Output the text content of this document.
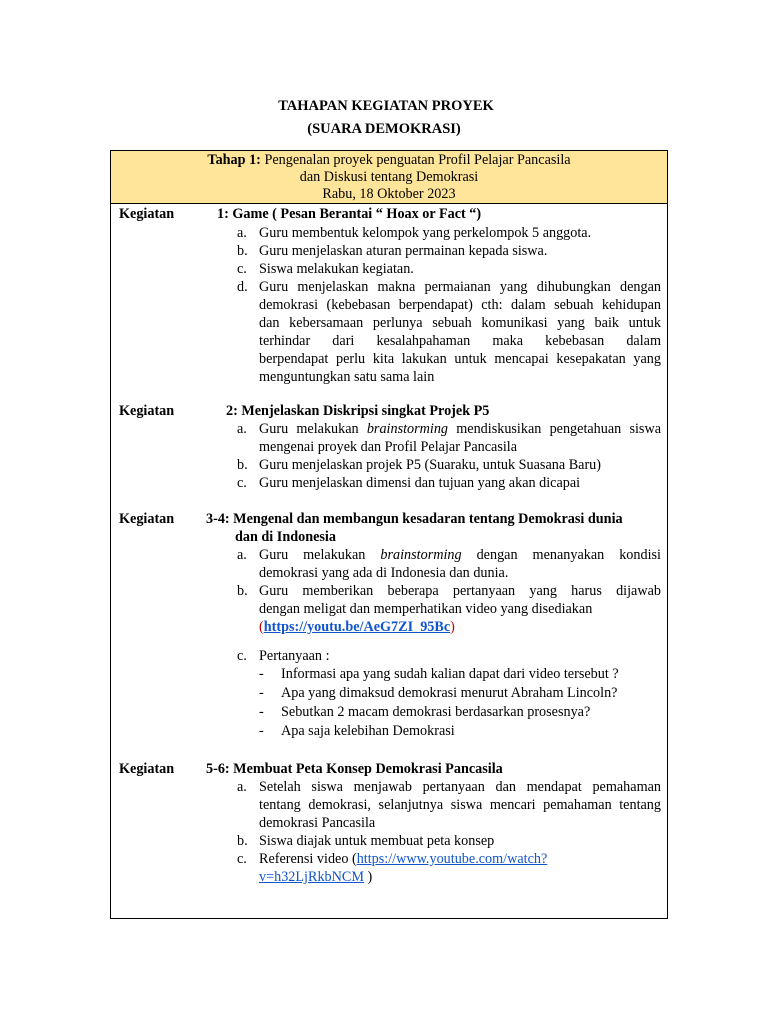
TAHAPAN KEGIATAN PROYEK
(SUARA DEMOKRASI)
Tahap 1: Pengenalan proyek penguatan Profil Pelajar Pancasila
dan Diskusi tentang Demokrasi
Rabu, 18 Oktober 2023
Kegiatan	1: Game ( Pesan Berantai “ Hoax or Fact “)
a. Guru membentuk kelompok yang perkelompok 5 anggota.
b. Guru menjelaskan aturan permainan kepada siswa.
c. Siswa melakukan kegiatan.
d. Guru menjelaskan makna permaianan yang dihubungkan dengan
demokrasi (kebebasan berpendapat) cth: dalam sebuah kehidupan
dan kebersamaan perlunya sebuah komunikasi yang baik untuk
terhindar dari kesalahpahaman maka kebebasan dalam
berpendapat perlu kita lakukan untuk mencapai kesepakatan yang
menguntungkan satu sama lain
Kegiatan	2: Menjelaskan Diskripsi singkat Projek P5
a. Guru melakukan brainstorming mendiskusikan pengetahuan siswa
mengenai proyek dan Profil Pelajar Pancasila
b. Guru menjelaskan projek P5 (Suaraku, untuk Suasana Baru)
c. Guru menjelaskan dimensi dan tujuan yang akan dicapai
Kegiatan 3-4: Mengenal dan membangun kesadaran tentang Demokrasi dunia
dan di Indonesia
a. Guru melakukan brainstorming dengan menanyakan kondisi
demokrasi yang ada di Indonesia dan dunia.
b. Guru memberikan beberapa pertanyaan yang harus dijawab
dengan meligat dan memperhatikan video yang disediakan
(https://youtu.be/AeG7ZI_95Bc)
c. Pertanyaan :
- Informasi apa yang sudah kalian dapat dari video tersebut ?
- Apa yang dimaksud demokrasi menurut Abraham Lincoln?
- Sebutkan 2 macam demokrasi berdasarkan prosesnya?
- Apa saja kelebihan Demokrasi
Kegiatan 5-6: Membuat Peta Konsep Demokrasi Pancasila
a. Setelah siswa menjawab pertanyaan dan mendapat pemahaman
tentang demokrasi, selanjutnya siswa mencari pemahaman tentang
demokrasi Pancasila
b. Siswa diajak untuk membuat peta konsep
c. Referensi video (https://www.youtube.com/watch?
v=h32LjRkbNCM )
